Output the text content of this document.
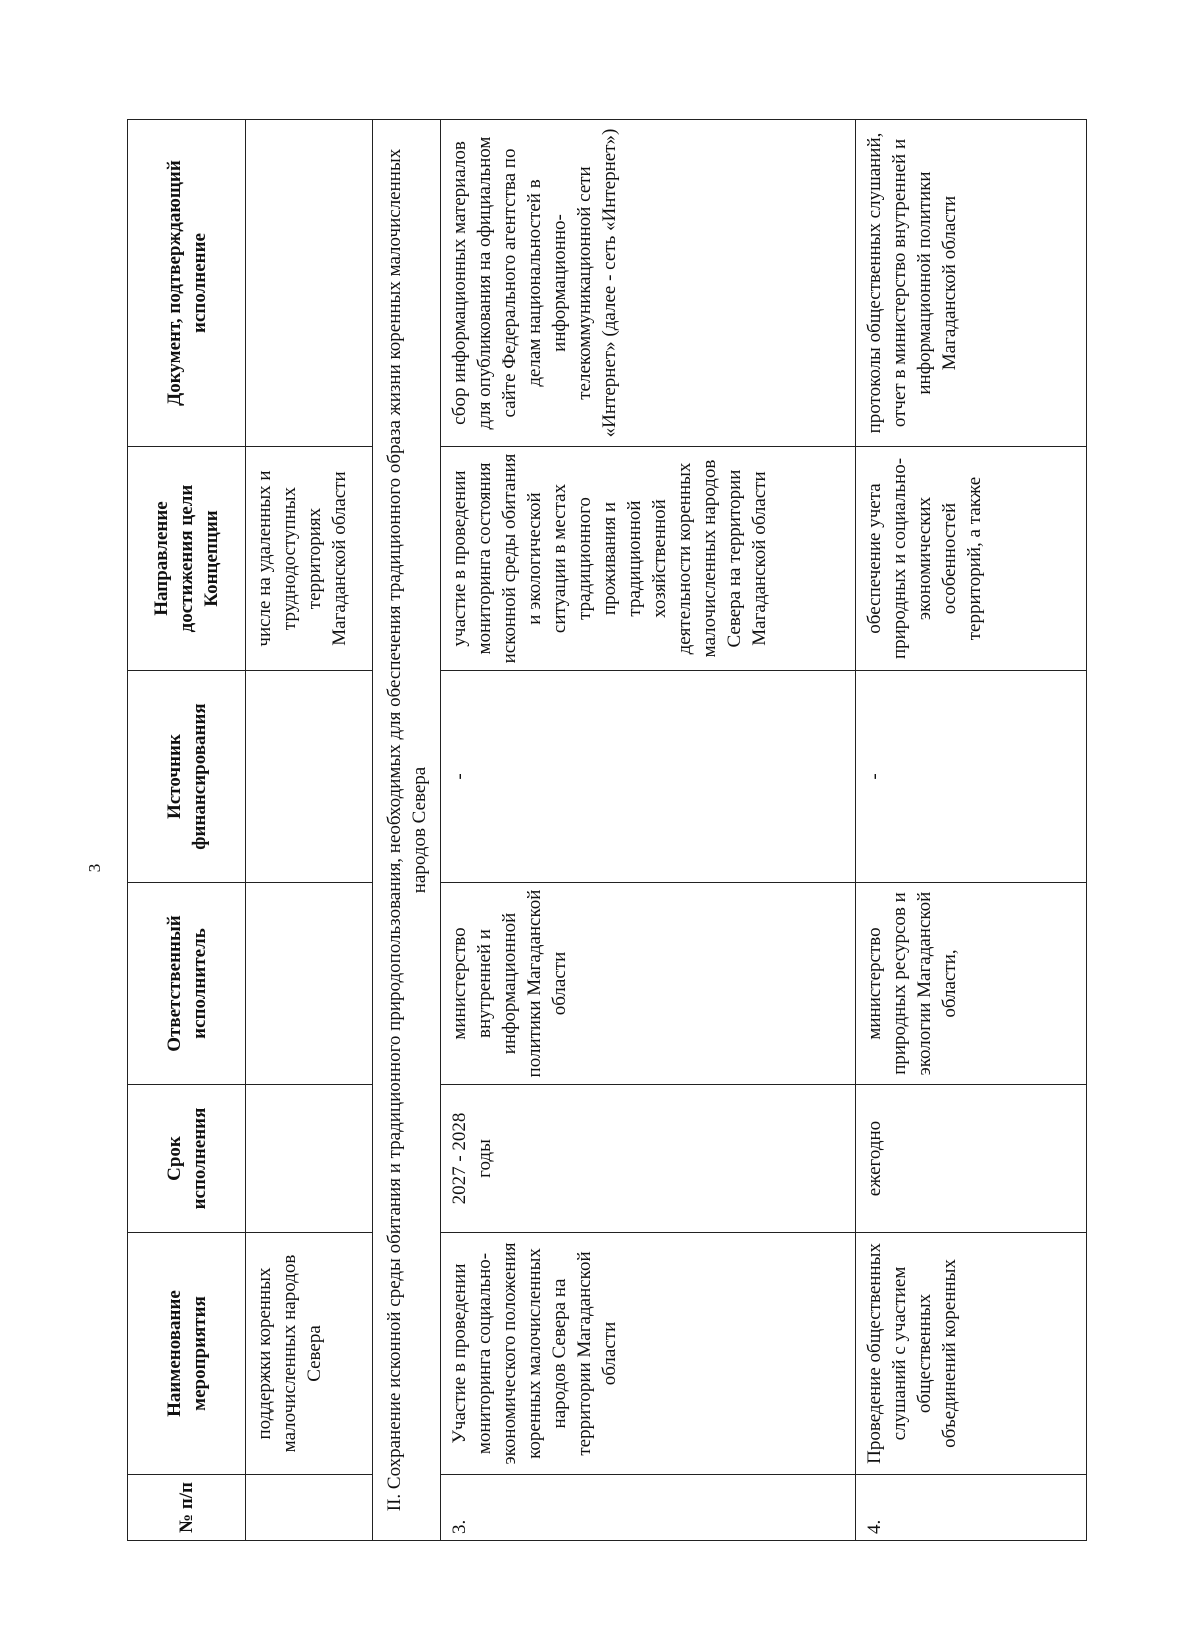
3
№ п/п	Наименование мероприятия	Срок исполнения	Ответственный исполнитель	Источник финансирования	Направление достижения цели Концепции	Документ, подтверждающий исполнение
	поддержки коренных малочисленных народов Севера				числе на удаленных и труднодоступных территориях Магаданской области	
II. Сохранение исконной среды обитания и традиционного природопользования, необходимых для обеспечения традиционного образа жизни коренных малочисленных народов Севера						
3.	Участие в проведении мониторинга социально-экономического положения коренных малочисленных народов Севера на территории Магаданской области	2027 - 2028 годы	министерство внутренней и информационной политики Магаданской области	-	участие в проведении мониторинга состояния исконной среды обитания и экологической ситуации в местах традиционного проживания и традиционной хозяйственной деятельности коренных малочисленных народов Севера на территории Магаданской области	сбор информационных материалов для опубликования на официальном сайте Федерального агентства по делам национальностей в информационно-телекоммуникационной сети «Интернет» (далее - сеть «Интернет»)
4.	Проведение общественных слушаний с участием общественных объединений коренных	ежегодно	министерство природных ресурсов и экологии Магаданской области,	-	обеспечение учета природных и социально-экономических особенностей территорий, а также	протоколы общественных слушаний, отчет в министерство внутренней и информационной политики Магаданской области
